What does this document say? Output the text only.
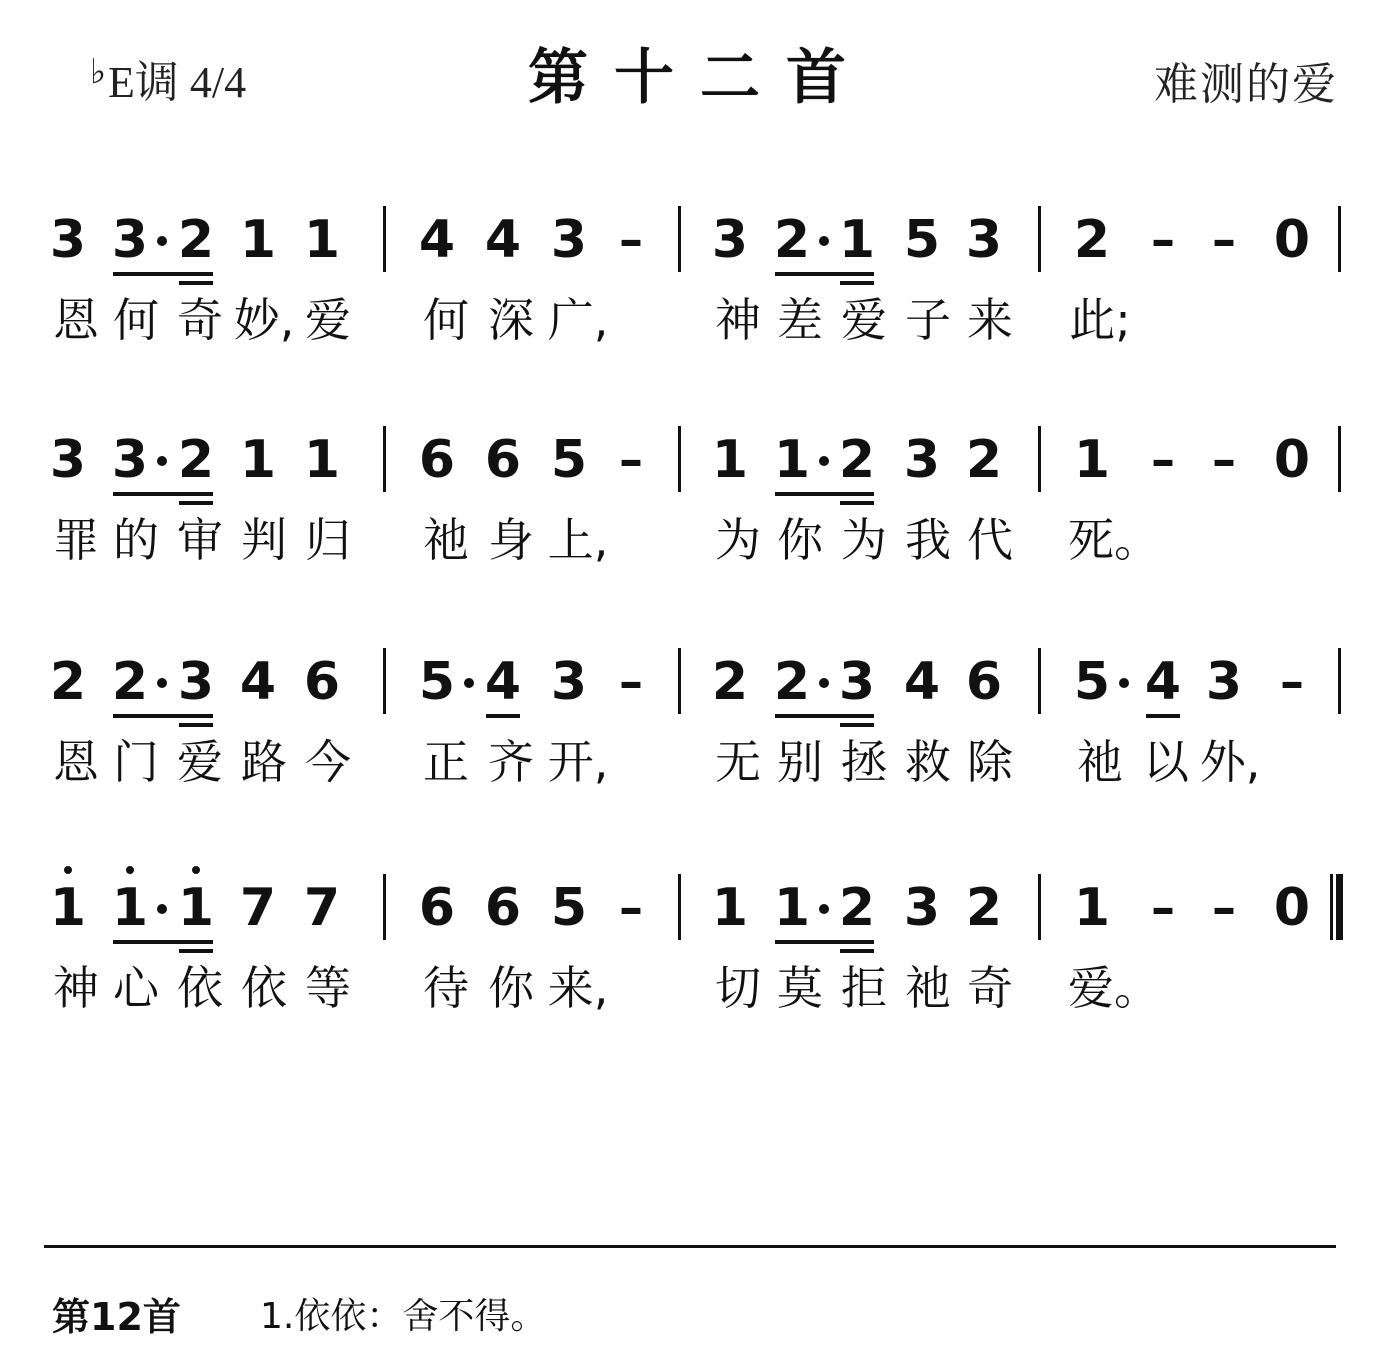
♭E调 4/4	第十二首	难测的爱
3 3 2 1 1
恩 何 奇 妙, 爱
4 4 3 –
何 深 广,
3 2 1 5 3
神 差 爱 子 来
2 – – 0
此;
3 3 2 1 1
罪 的 审 判 归
6 6 5 –
祂 身 上,
1 1 2 3 2
为 你 为 我 代
1 – – 0
死。
2 2 3 4 6
恩 门 爱 路 今
5 4 3 –
正 齐 开,
2 2 3 4 6
无 别 拯 救 除
5 4 3 –
祂 以 外,
1 1 1 7 7
神 心 依 依 等
6 6 5 –
待 你 来,
1 1 2 3 2
切 莫 拒 祂 奇
1 – – 0
爱。
第12首 1.依依：舍不得。
